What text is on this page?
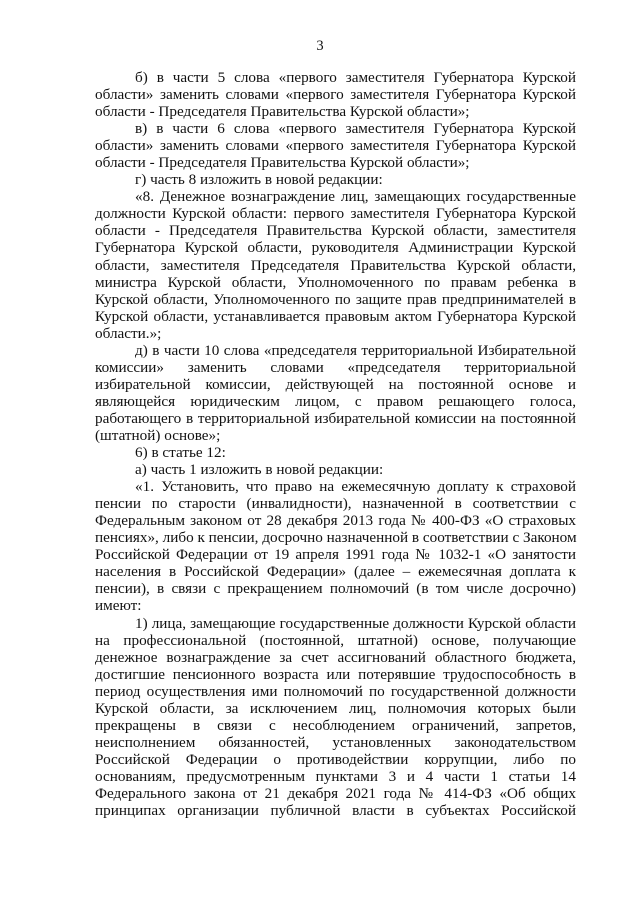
3
б) в части 5 слова «первого заместителя Губернатора Курской
области» заменить словами «первого заместителя Губернатора Курской
области - Председателя Правительства Курской области»;
в) в части 6 слова «первого заместителя Губернатора Курской
области» заменить словами «первого заместителя Губернатора Курской
области - Председателя Правительства Курской области»;
г) часть 8 изложить в новой редакции:
«8. Денежное вознаграждение лиц, замещающих государственные
должности Курской области: первого заместителя Губернатора Курской
области - Председателя Правительства Курской области, заместителя
Губернатора Курской области, руководителя Администрации Курской
области, заместителя Председателя Правительства Курской области,
министра Курской области, Уполномоченного по правам ребенка в
Курской области, Уполномоченного по защите прав предпринимателей в
Курской области, устанавливается правовым актом Губернатора Курской
области.»;
д) в части 10 слова «председателя территориальной Избирательной
комиссии» заменить словами «председателя территориальной
избирательной комиссии, действующей на постоянной основе и
являющейся юридическим лицом, с правом решающего голоса,
работающего в территориальной избирательной комиссии на постоянной
(штатной) основе»;
6) в статье 12:
а) часть 1 изложить в новой редакции:
«1. Установить, что право на ежемесячную доплату к страховой
пенсии по старости (инвалидности), назначенной в соответствии с
Федеральным законом от 28 декабря 2013 года № 400-ФЗ «О страховых
пенсиях», либо к пенсии, досрочно назначенной в соответствии с Законом
Российской Федерации от 19 апреля 1991 года № 1032-1 «О занятости
населения в Российской Федерации» (далее – ежемесячная доплата к
пенсии), в связи с прекращением полномочий (в том числе досрочно)
имеют:
1) лица, замещающие государственные должности Курской области
на профессиональной (постоянной, штатной) основе, получающие
денежное вознаграждение за счет ассигнований областного бюджета,
достигшие пенсионного возраста или потерявшие трудоспособность в
период осуществления ими полномочий по государственной должности
Курской области, за исключением лиц, полномочия которых были
прекращены в связи с несоблюдением ограничений, запретов,
неисполнением обязанностей, установленных законодательством
Российской Федерации о противодействии коррупции, либо по
основаниям, предусмотренным пунктами 3 и 4 части 1 статьи 14
Федерального закона от 21 декабря 2021 года № 414-ФЗ «Об общих
принципах организации публичной власти в субъектах Российской
